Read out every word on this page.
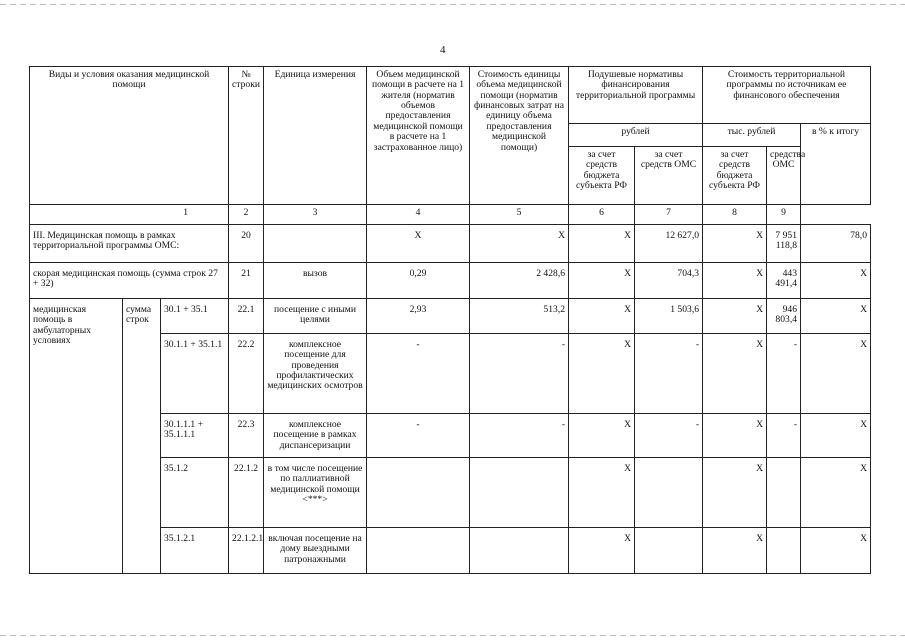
4
Виды и условия оказания медицинской помощи			№ строки	Единица измерения	Объем медицинской помощи в расчете на 1 жителя (норматив объемов предоставления медицинской помощи в расчете на 1 застрахованное лицо)	Стоимость единицы объема медицинской помощи (норматив финансовых затрат на единицу объема предоставления медицинской помощи)	Подушевые нормативы финансирования территориальной программы		Стоимость территориальной программы по источникам ее финансового обеспечения		
							рублей		тыс. рублей		в % к итогу
							за счет средств бюджета субъекта РФ	за счет средств ОМС	за счет средств бюджета субъекта РФ	средства ОМС	
1			2	3	4	5	6	7	8	9	
III. Медицинская помощь в рамках территориальной программы ОМС:			20		X	X	X	12 627,0	X	7 951 118,8	78,0
скорая медицинская помощь (сумма строк 27 + 32)			21	вызов	0,29	2 428,6	X	704,3	X	443 491,4	X
медицинская помощь в амбулаторных условиях	сумма строк	30.1 + 35.1	22.1	посещение с иными целями	2,93	513,2	X	1 503,6	X	946 803,4	X
		30.1.1 + 35.1.1	22.2	комплексное посещение для проведения профилактических медицинских осмотров	-	-	X	-	X	-	X
		30.1.1.1 + 35.1.1.1	22.3	комплексное посещение в рамках диспансеризации	-	-	X	-	X	-	X
		35.1.2	22.1.2	в том числе посещение по паллиативной медицинской помощи <***>			X		X		X
		35.1.2.1	22.1.2.1	включая посещение на дому выездными патронажными			X		X		X
